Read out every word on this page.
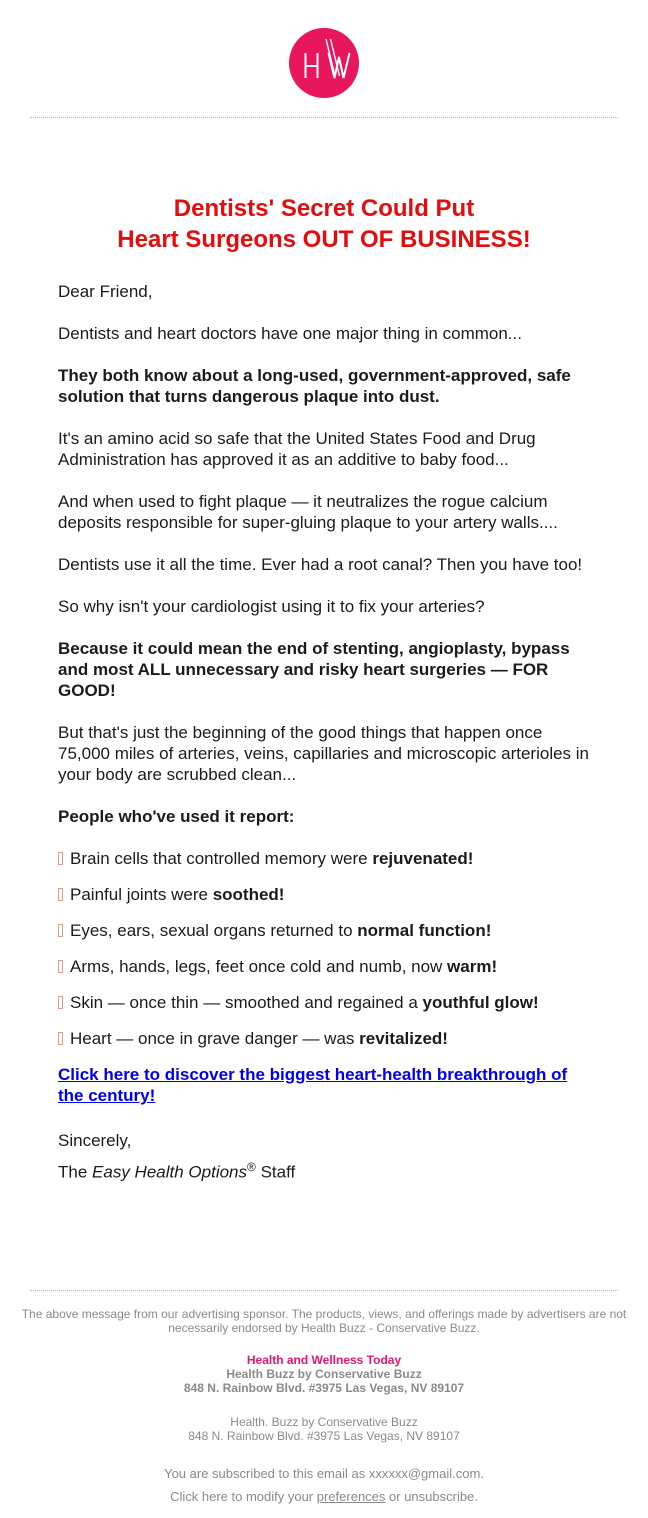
Dentists' Secret Could Put
Heart Surgeons OUT OF BUSINESS!

Dear Friend,

Dentists and heart doctors have one major thing in common...

They both know about a long-used, government-approved, safe solution that turns dangerous plaque into dust.

It's an amino acid so safe that the United States Food and Drug Administration has approved it as an additive to baby food...

And when used to fight plaque — it neutralizes the rogue calcium deposits responsible for super-gluing plaque to your artery walls....

Dentists use it all the time. Ever had a root canal? Then you have too!

So why isn't your cardiologist using it to fix your arteries?

Because it could mean the end of stenting, angioplasty, bypass and most ALL unnecessary and risky heart surgeries — FOR GOOD!

But that's just the beginning of the good things that happen once 75,000 miles of arteries, veins, capillaries and microscopic arterioles in your body are scrubbed clean...

People who've used it report:

Brain cells that controlled memory were rejuvenated!
Painful joints were soothed!
Eyes, ears, sexual organs returned to normal function!
Arms, hands, legs, feet once cold and numb, now warm!
Skin — once thin — smoothed and regained a youthful glow!
Heart — once in grave danger — was revitalized!

Click here to discover the biggest heart-health breakthrough of the century!

Sincerely,
The Easy Health Options® Staff

The above message from our advertising sponsor. The products, views, and offerings made by advertisers are not necessarily endorsed by Health Buzz - Conservative Buzz.

Health and Wellness Today
Health Buzz by Conservative Buzz
848 N. Rainbow Blvd. #3975 Las Vegas, NV 89107

Health. Buzz by Conservative Buzz
848 N. Rainbow Blvd. #3975 Las Vegas, NV 89107

You are subscribed to this email as xxxxxx@gmail.com.
Click here to modify your preferences or unsubscribe.
